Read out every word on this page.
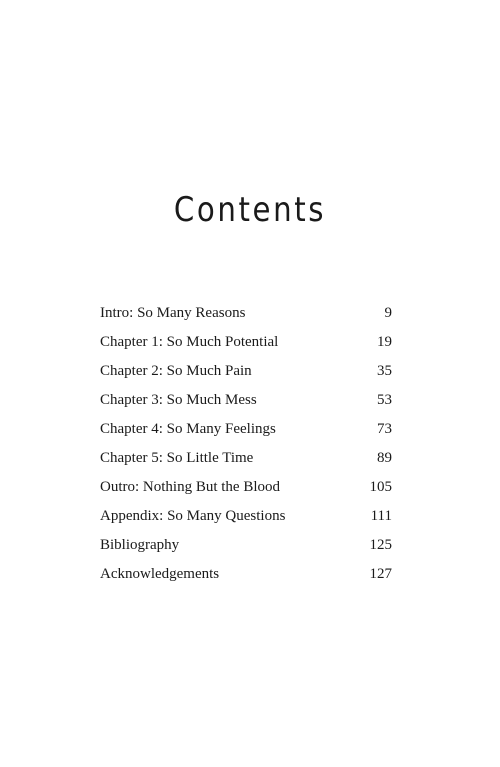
Contents
Intro: So Many Reasons	9
Chapter 1: So Much Potential	19
Chapter 2: So Much Pain	35
Chapter 3: So Much Mess	53
Chapter 4: So Many Feelings	73
Chapter 5: So Little Time	89
Outro: Nothing But the Blood	105
Appendix: So Many Questions	111
Bibliography	125
Acknowledgements	127
